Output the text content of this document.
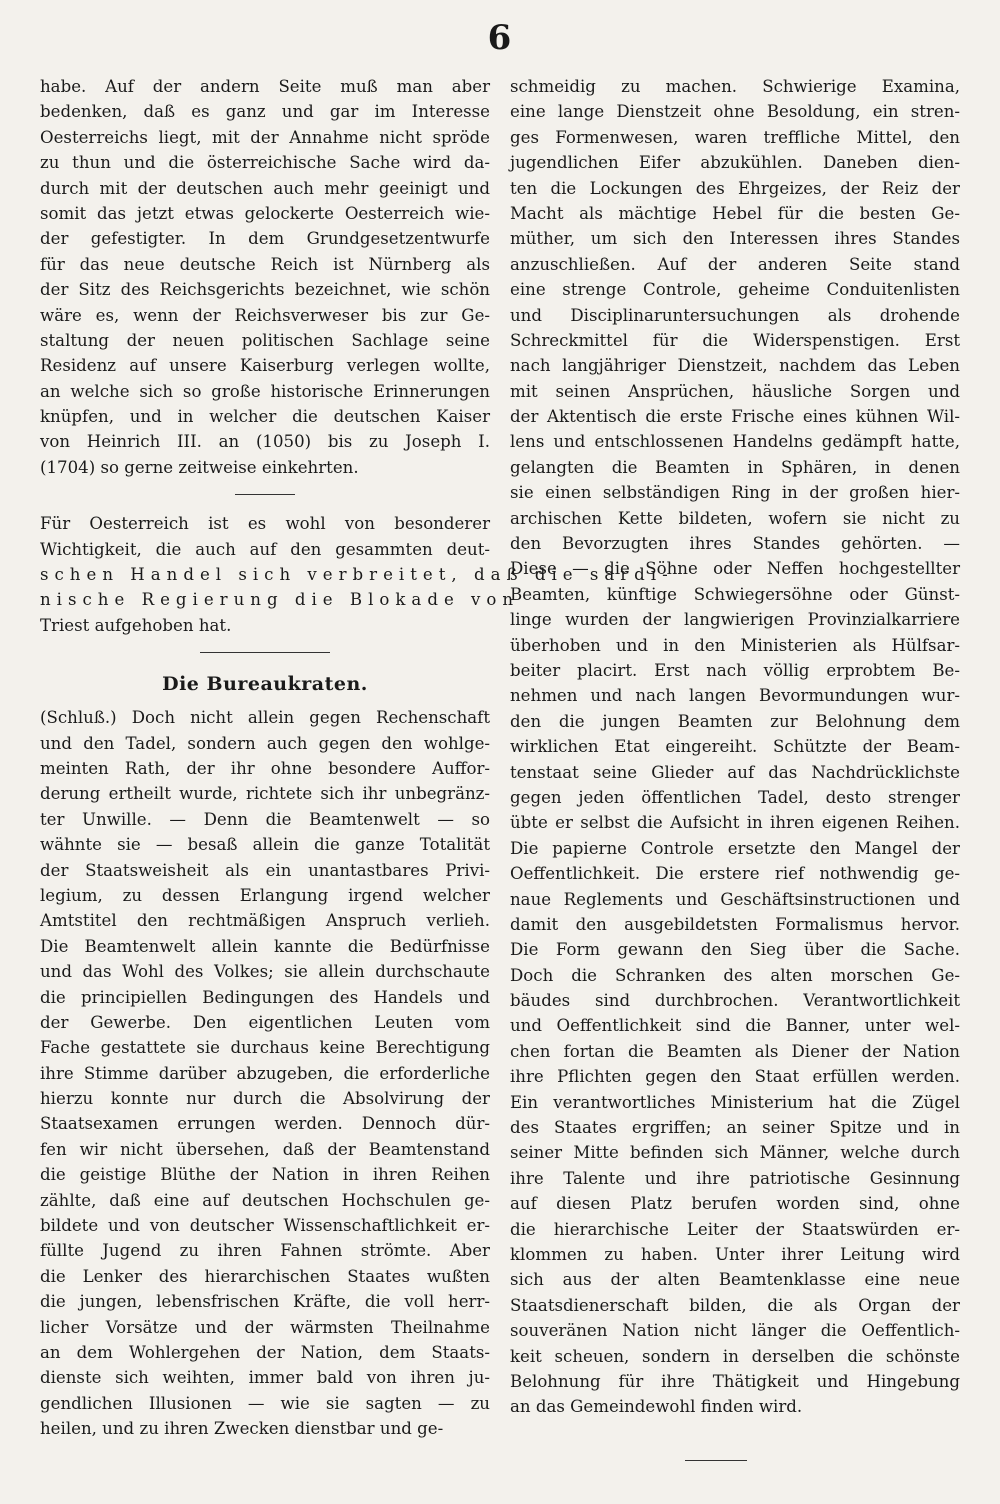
6
habe. Auf der andern Seite muß man aber
bedenken, daß es ganz und gar im Interesse
Oesterreichs liegt, mit der Annahme nicht spröde
zu thun und die österreichische Sache wird da-
durch mit der deutschen auch mehr geeinigt und
somit das jetzt etwas gelockerte Oesterreich wie-
der gefestigter. In dem Grundgesetzentwurfe
für das neue deutsche Reich ist Nürnberg als
der Sitz des Reichsgerichts bezeichnet, wie schön
wäre es, wenn der Reichsverweser bis zur Ge-
staltung der neuen politischen Sachlage seine
Residenz auf unsere Kaiserburg verlegen wollte,
an welche sich so große historische Erinnerungen
knüpfen, und in welcher die deutschen Kaiser
von Heinrich III. an (1050) bis zu Joseph I.
(1704) so gerne zeitweise einkehrten.
Für Oesterreich ist es wohl von besonderer
Wichtigkeit, die auch auf den gesammten deut-
schen Handel sich verbreitet, daß die sardi-
nische Regierung die Blokade von
Triest aufgehoben hat.
Die Bureaukraten.
(Schluß.) Doch nicht allein gegen Rechenschaft
und den Tadel, sondern auch gegen den wohlge-
meinten Rath, der ihr ohne besondere Auffor-
derung ertheilt wurde, richtete sich ihr unbegränz-
ter Unwille. — Denn die Beamtenwelt — so
wähnte sie — besaß allein die ganze Totalität
der Staatsweisheit als ein unantastbares Privi-
legium, zu dessen Erlangung irgend welcher
Amtstitel den rechtmäßigen Anspruch verlieh.
Die Beamtenwelt allein kannte die Bedürfnisse
und das Wohl des Volkes; sie allein durchschaute
die principiellen Bedingungen des Handels und
der Gewerbe. Den eigentlichen Leuten vom
Fache gestattete sie durchaus keine Berechtigung
ihre Stimme darüber abzugeben, die erforderliche
hierzu konnte nur durch die Absolvirung der
Staatsexamen errungen werden. Dennoch dür-
fen wir nicht übersehen, daß der Beamtenstand
die geistige Blüthe der Nation in ihren Reihen
zählte, daß eine auf deutschen Hochschulen ge-
bildete und von deutscher Wissenschaftlichkeit er-
füllte Jugend zu ihren Fahnen strömte. Aber
die Lenker des hierarchischen Staates wußten
die jungen, lebensfrischen Kräfte, die voll herr-
licher Vorsätze und der wärmsten Theilnahme
an dem Wohlergehen der Nation, dem Staats-
dienste sich weihten, immer bald von ihren ju-
gendlichen Illusionen — wie sie sagten — zu
heilen, und zu ihren Zwecken dienstbar und ge-
schmeidig zu machen. Schwierige Examina,
eine lange Dienstzeit ohne Besoldung, ein stren-
ges Formenwesen, waren treffliche Mittel, den
jugendlichen Eifer abzukühlen. Daneben dien-
ten die Lockungen des Ehrgeizes, der Reiz der
Macht als mächtige Hebel für die besten Ge-
müther, um sich den Interessen ihres Standes
anzuschließen. Auf der anderen Seite stand
eine strenge Controle, geheime Conduitenlisten
und Disciplinaruntersuchungen als drohende
Schreckmittel für die Widerspenstigen. Erst
nach langjähriger Dienstzeit, nachdem das Leben
mit seinen Ansprüchen, häusliche Sorgen und
der Aktentisch die erste Frische eines kühnen Wil-
lens und entschlossenen Handelns gedämpft hatte,
gelangten die Beamten in Sphären, in denen
sie einen selbständigen Ring in der großen hier-
archischen Kette bildeten, wofern sie nicht zu
den Bevorzugten ihres Standes gehörten. —
Diese — die Söhne oder Neffen hochgestellter
Beamten, künftige Schwiegersöhne oder Günst-
linge wurden der langwierigen Provinzialkarriere
überhoben und in den Ministerien als Hülfsar-
beiter placirt. Erst nach völlig erprobtem Be-
nehmen und nach langen Bevormundungen wur-
den die jungen Beamten zur Belohnung dem
wirklichen Etat eingereiht. Schützte der Beam-
tenstaat seine Glieder auf das Nachdrücklichste
gegen jeden öffentlichen Tadel, desto strenger
übte er selbst die Aufsicht in ihren eigenen Reihen.
Die papierne Controle ersetzte den Mangel der
Oeffentlichkeit. Die erstere rief nothwendig ge-
naue Reglements und Geschäftsinstructionen und
damit den ausgebildetsten Formalismus hervor.
Die Form gewann den Sieg über die Sache.
Doch die Schranken des alten morschen Ge-
bäudes sind durchbrochen. Verantwortlichkeit
und Oeffentlichkeit sind die Banner, unter wel-
chen fortan die Beamten als Diener der Nation
ihre Pflichten gegen den Staat erfüllen werden.
Ein verantwortliches Ministerium hat die Zügel
des Staates ergriffen; an seiner Spitze und in
seiner Mitte befinden sich Männer, welche durch
ihre Talente und ihre patriotische Gesinnung
auf diesen Platz berufen worden sind, ohne
die hierarchische Leiter der Staatswürden er-
klommen zu haben. Unter ihrer Leitung wird
sich aus der alten Beamtenklasse eine neue
Staatsdienerschaft bilden, die als Organ der
souveränen Nation nicht länger die Oeffentlich-
keit scheuen, sondern in derselben die schönste
Belohnung für ihre Thätigkeit und Hingebung
an das Gemeindewohl finden wird.
